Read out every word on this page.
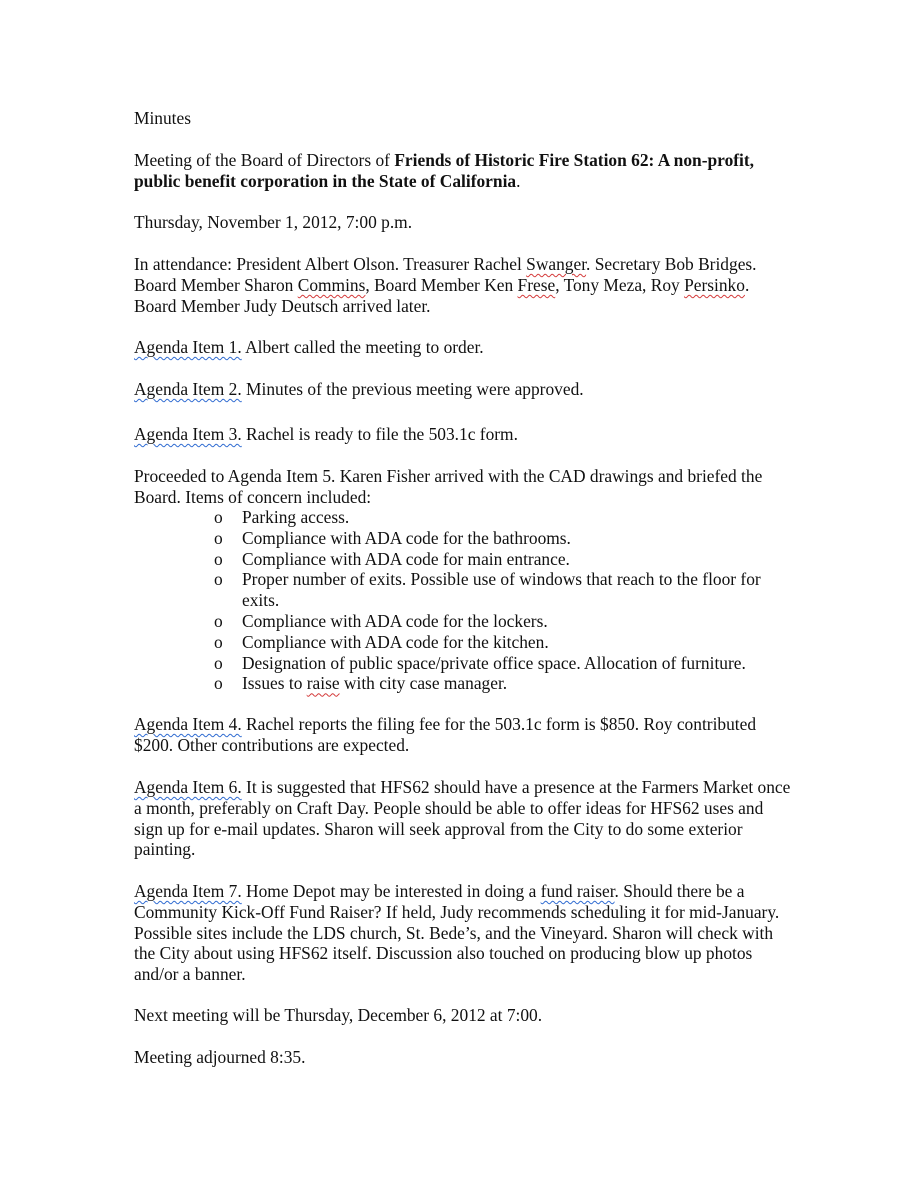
Minutes

Meeting of the Board of Directors of Friends of Historic Fire Station 62: A non-profit, public benefit corporation in the State of California.

Thursday, November 1, 2012, 7:00 p.m.

In attendance: President Albert Olson. Treasurer Rachel Swanger. Secretary Bob Bridges. Board Member Sharon Commins, Board Member Ken Frese, Tony Meza, Roy Persinko. Board Member Judy Deutsch arrived later.

Agenda Item 1. Albert called the meeting to order.

Agenda Item 2. Minutes of the previous meeting were approved.

Agenda Item 3. Rachel is ready to file the 503.1c form.

Proceeded to Agenda Item 5. Karen Fisher arrived with the CAD drawings and briefed the Board. Items of concern included:

o Parking access.
o Compliance with ADA code for the bathrooms.
o Compliance with ADA code for main entrance.
o Proper number of exits. Possible use of windows that reach to the floor for exits.
o Compliance with ADA code for the lockers.
o Compliance with ADA code for the kitchen.
o Designation of public space/private office space. Allocation of furniture.
o Issues to raise with city case manager.

Agenda Item 4. Rachel reports the filing fee for the 503.1c form is $850. Roy contributed $200. Other contributions are expected.

Agenda Item 6. It is suggested that HFS62 should have a presence at the Farmers Market once a month, preferably on Craft Day. People should be able to offer ideas for HFS62 uses and sign up for e-mail updates. Sharon will seek approval from the City to do some exterior painting.

Agenda Item 7. Home Depot may be interested in doing a fund raiser. Should there be a Community Kick-Off Fund Raiser? If held, Judy recommends scheduling it for mid-January. Possible sites include the LDS church, St. Bede’s, and the Vineyard. Sharon will check with the City about using HFS62 itself. Discussion also touched on producing blow up photos and/or a banner.

Next meeting will be Thursday, December 6, 2012 at 7:00.

Meeting adjourned 8:35.
